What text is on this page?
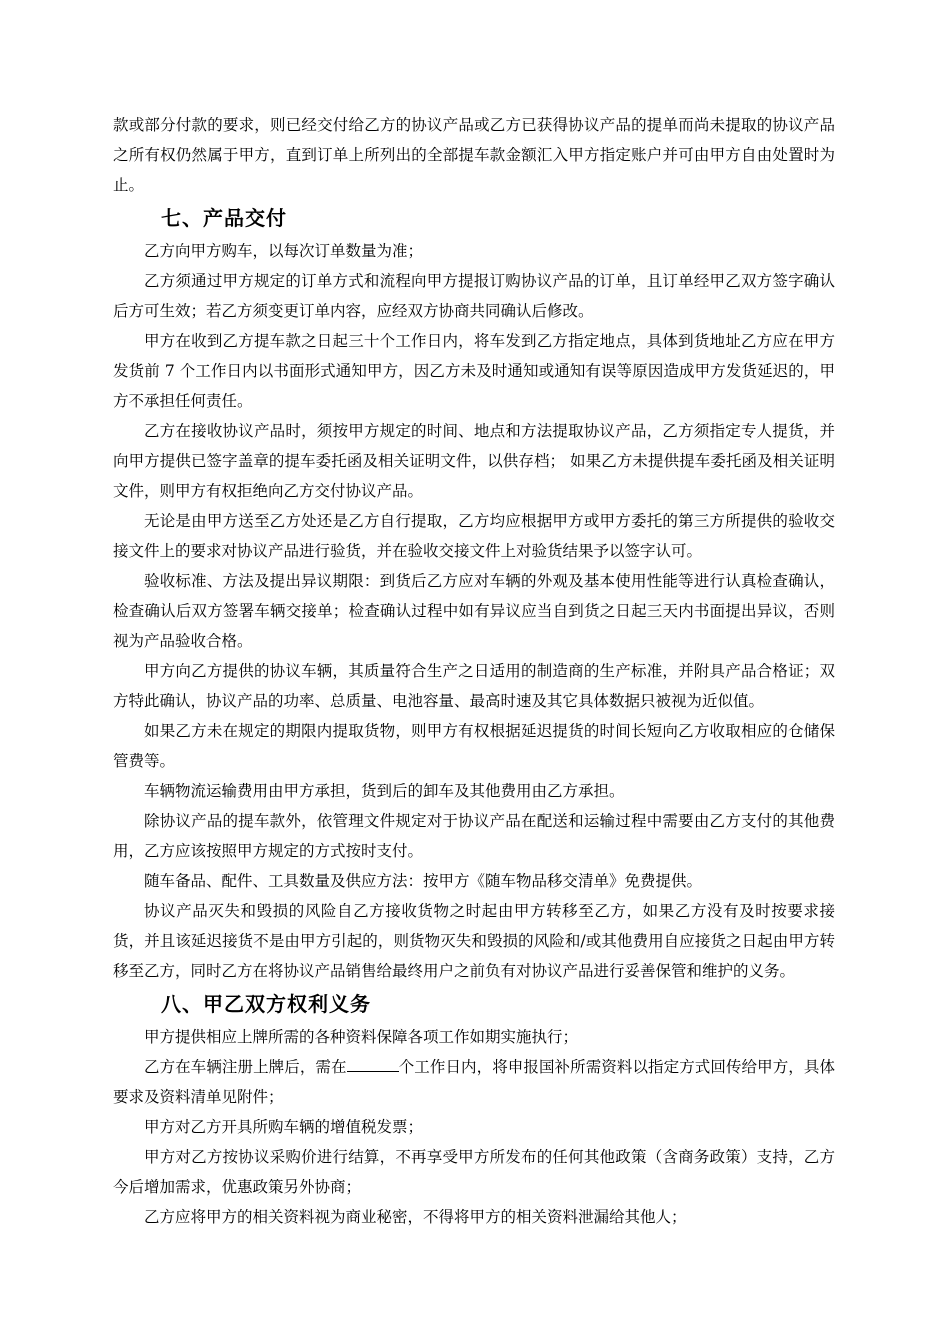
款或部分付款的要求，则已经交付给乙方的协议产品或乙方已获得协议产品的提单而尚未提取的协议产品之所有权仍然属于甲方，直到订单上所列出的全部提车款金额汇入甲方指定账户并可由甲方自由处置时为止。

七、产品交付

乙方向甲方购车，以每次订单数量为准；

乙方须通过甲方规定的订单方式和流程向甲方提报订购协议产品的订单，且订单经甲乙双方签字确认后方可生效；若乙方须变更订单内容，应经双方协商共同确认后修改。

甲方在收到乙方提车款之日起三十个工作日内，将车发到乙方指定地点，具体到货地址乙方应在甲方发货前 7 个工作日内以书面形式通知甲方，因乙方未及时通知或通知有误等原因造成甲方发货延迟的，甲方不承担任何责任。

乙方在接收协议产品时，须按甲方规定的时间、地点和方法提取协议产品，乙方须指定专人提货，并向甲方提供已签字盖章的提车委托函及相关证明文件，以供存档； 如果乙方未提供提车委托函及相关证明文件，则甲方有权拒绝向乙方交付协议产品。

无论是由甲方送至乙方处还是乙方自行提取，乙方均应根据甲方或甲方委托的第三方所提供的验收交接文件上的要求对协议产品进行验货，并在验收交接文件上对验货结果予以签字认可。

验收标准、方法及提出异议期限：到货后乙方应对车辆的外观及基本使用性能等进行认真检查确认，检查确认后双方签署车辆交接单；检查确认过程中如有异议应当自到货之日起三天内书面提出异议，否则视为产品验收合格。

甲方向乙方提供的协议车辆，其质量符合生产之日适用的制造商的生产标准，并附具产品合格证；双方特此确认，协议产品的功率、总质量、电池容量、最高时速及其它具体数据只被视为近似值。

如果乙方未在规定的期限内提取货物，则甲方有权根据延迟提货的时间长短向乙方收取相应的仓储保管费等。

车辆物流运输费用由甲方承担，货到后的卸车及其他费用由乙方承担。

除协议产品的提车款外，依管理文件规定对于协议产品在配送和运输过程中需要由乙方支付的其他费用，乙方应该按照甲方规定的方式按时支付。

随车备品、配件、工具数量及供应方法：按甲方《随车物品移交清单》免费提供。

协议产品灭失和毁损的风险自乙方接收货物之时起由甲方转移至乙方，如果乙方没有及时按要求接货，并且该延迟接货不是由甲方引起的，则货物灭失和毁损的风险和/或其他费用自应接货之日起由甲方转移至乙方，同时乙方在将协议产品销售给最终用户之前负有对协议产品进行妥善保管和维护的义务。

八、甲乙双方权利义务

甲方提供相应上牌所需的各种资料保障各项工作如期实施执行；

乙方在车辆注册上牌后，需在	个工作日内，将申报国补所需资料以指定方式回传给甲方，具体要求及资料清单见附件；

甲方对乙方开具所购车辆的增值税发票；

甲方对乙方按协议采购价进行结算，不再享受甲方所发布的任何其他政策（含商务政策）支持，乙方今后增加需求，优惠政策另外协商；

乙方应将甲方的相关资料视为商业秘密，不得将甲方的相关资料泄漏给其他人；
